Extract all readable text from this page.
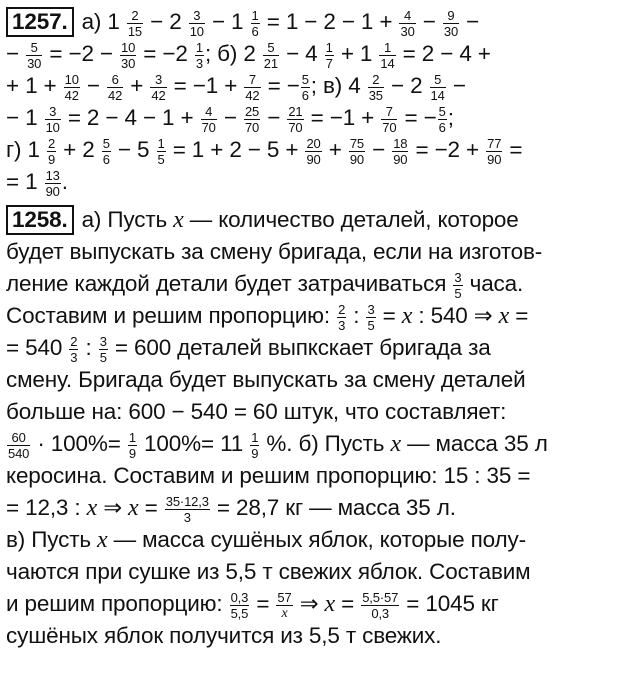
1257. а) $1 \frac{2}{15} - 2 \frac{3}{10} - 1 \frac{1}{6} = 1 - 2 - 1 + \frac{4}{30} - \frac{9}{30}$ −
− $\frac{5}{30} = -2 - \frac{10}{30} = -2 \frac{1}{3}$ ; б) $2 \frac{5}{21} - 4 \frac{1}{7} + 1 \frac{1}{14} = 2 - 4$ +
+ $1 + \frac{10}{42} - \frac{6}{42} + \frac{3}{42} = -1 + \frac{7}{42}$ = − $\frac{5}{6}$ ; в) $4 \frac{2}{35} - 2 \frac{5}{14}$ −
− $1 \frac{3}{10} = 2 - 4 - 1 + \frac{4}{70} - \frac{25}{70} - \frac{21}{70} = -1 + \frac{7}{70}$ = − $\frac{5}{6}$ ;
г) $1 \frac{2}{9} + 2 \frac{5}{6} - 5 \frac{1}{5} = 1 + 2 - 5 + \frac{20}{90} + \frac{75}{90} - \frac{18}{90} = -2 + \frac{77}{90}$ =
= $1 \frac{13}{90}$ .
1258. а) Пусть x — количество деталей, которое
будет выпускать за смену бригада, если на изготов-
ление каждой детали будет затрачиваться $\frac{3}{5}$ часа.
Составим и решим пропорцию: $\frac{2}{3}$ : $\frac{3}{5} = x$ : 540 ⇒ x =
= $540 \frac{2}{3}$ : $\frac{3}{5} = 600$ деталей выпкскает бригада за
смену. Бригада будет выпускать за смену деталей
больше на: 600 − 540 = 60 штук, что составляет:
$\frac{60}{540} \cdot 100\%= \frac{1}{9} 100\%= 11 \frac{1}{9}$ %. б) Пусть x — масса 35 л
керосина. Составим и решим пропорцию: 15 : 35 =
= 12,3 : x ⇒ $x = \frac{35\cdot 12,3}{3} = 28,7$ кг — масса 35 л.
в) Пусть x — масса сушёных яблок, которые полу-
чаются при сушке из 5,5 т свежих яблок. Составим
и решим пропорцию: $\frac{0,3}{5,5} = \frac{57}{x}$ ⇒ $x = \frac{5,5\cdot 57}{0,3} = 1045$ кг
сушёных яблок получится из 5,5 т свежих.
